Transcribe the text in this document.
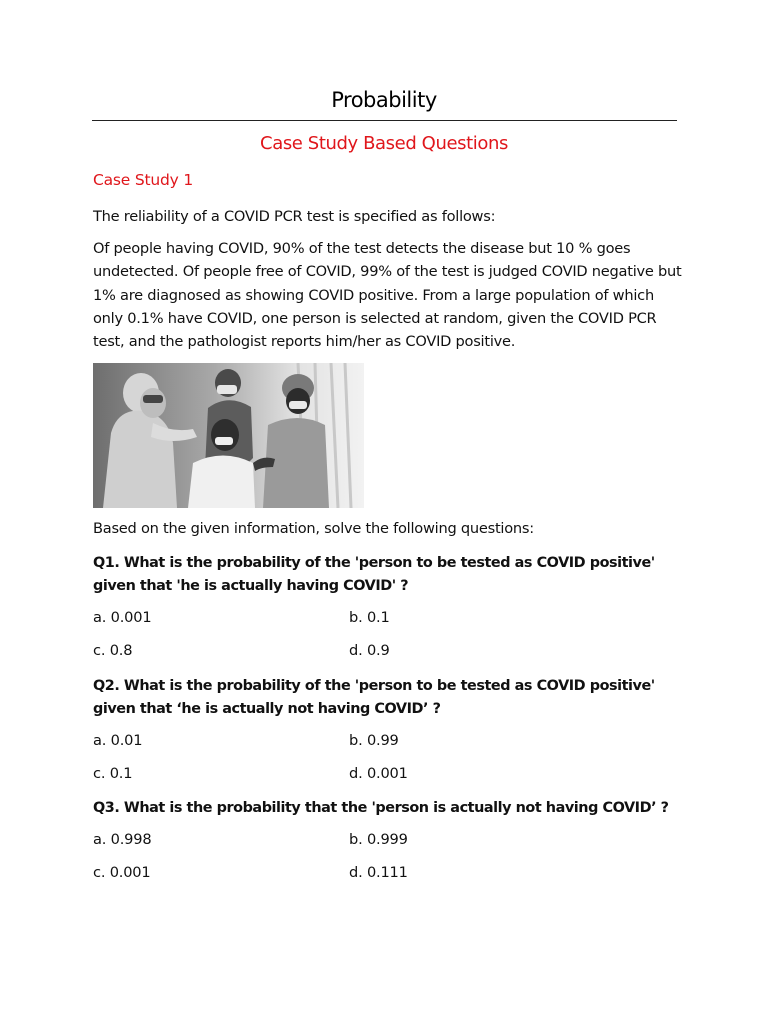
Probability
Case Study Based Questions
Case Study 1

The reliability of a COVID PCR test is specified as follows:

Of people having COVID, 90% of the test detects the disease but 10 % goes undetected. Of people free of COVID, 99% of the test is judged COVID negative but 1% are diagnosed as showing COVID positive. From a large population of which only 0.1% have COVID, one person is selected at random, given the COVID PCR test, and the pathologist reports him/her as COVID positive.

Based on the given information, solve the following questions:

Q1. What is the probability of the 'person to be tested as COVID positive' given that 'he is actually having COVID' ?

a. 0.001	b. 0.1
c. 0.8	d. 0.9

Q2. What is the probability of the 'person to be tested as COVID positive' given that ‘he is actually not having COVID’ ?

a. 0.01	b. 0.99
c. 0.1	d. 0.001

Q3. What is the probability that the 'person is actually not having COVID’ ?

a. 0.998	b. 0.999
c. 0.001	d. 0.111
